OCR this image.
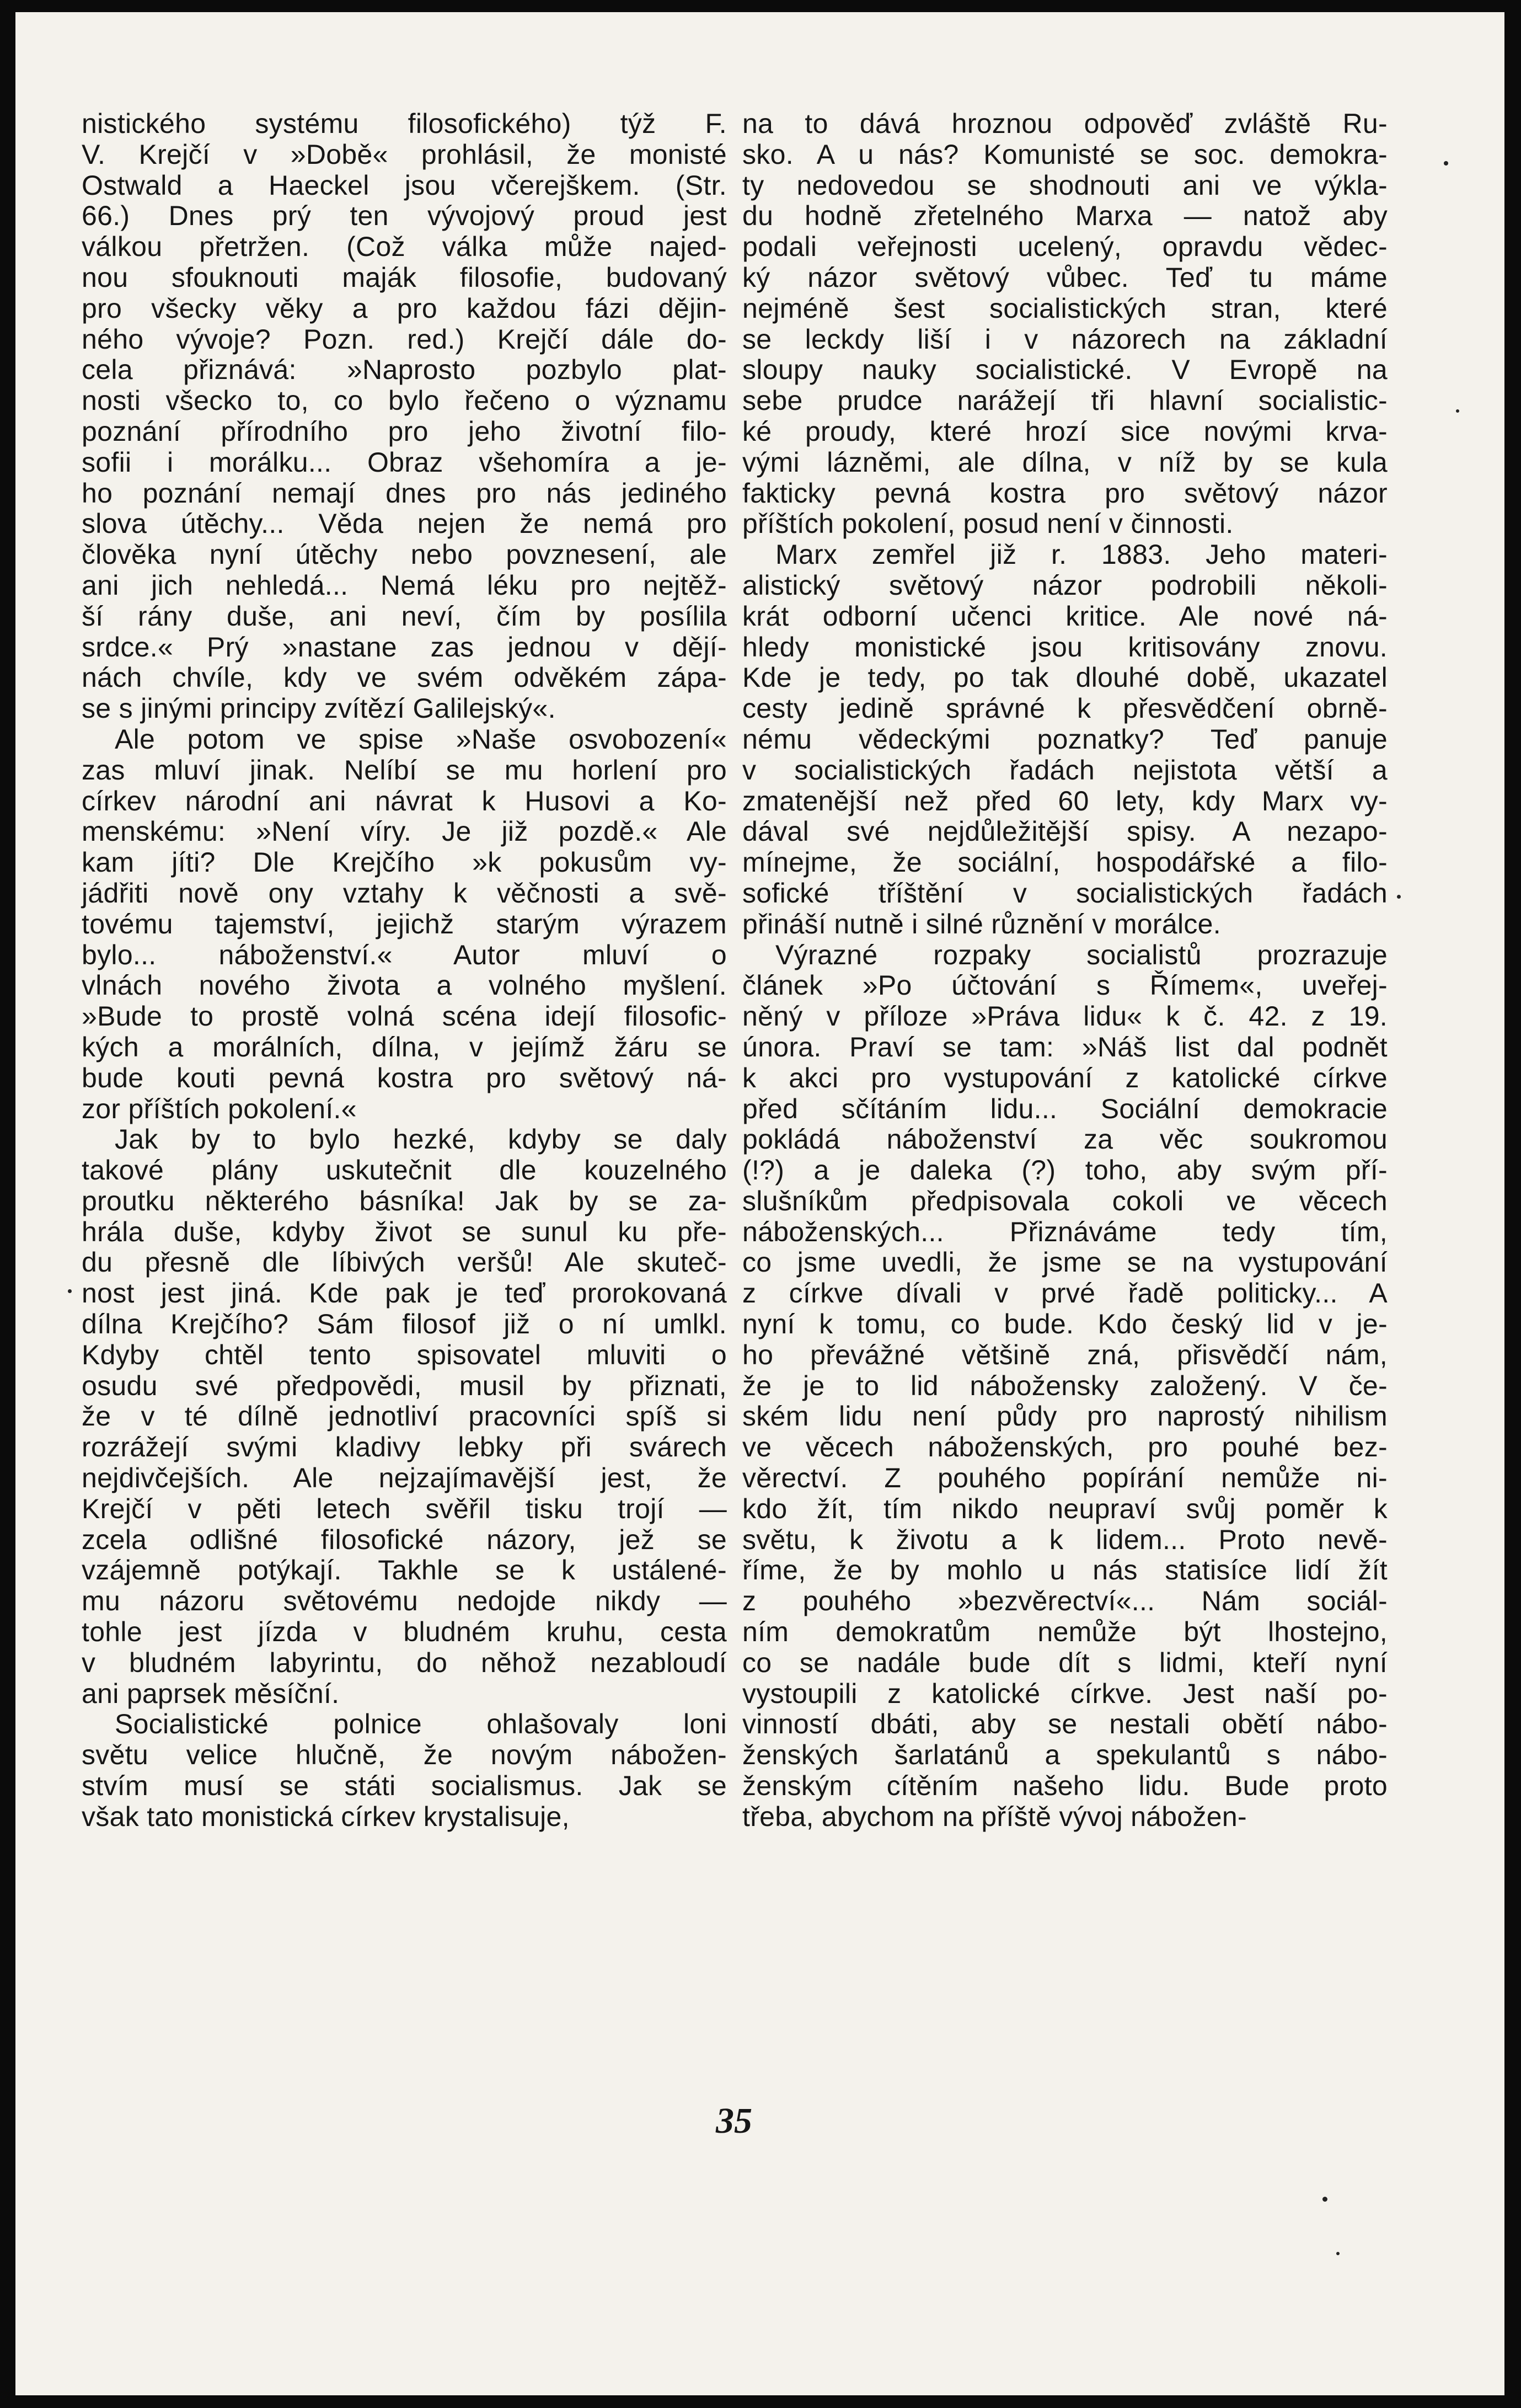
nistického systému filosofického) týž F.
V. Krejčí v »Době« prohlásil, že monisté
Ostwald a Haeckel jsou včerejškem. (Str.
66.) Dnes prý ten vývojový proud jest
válkou přetržen. (Což válka může najed-
nou sfouknouti maják filosofie, budovaný
pro všecky věky a pro každou fázi dějin-
ného vývoje? Pozn. red.) Krejčí dále do-
cela přiznává: »Naprosto pozbylo plat-
nosti všecko to, co bylo řečeno o významu
poznání přírodního pro jeho životní filo-
sofii i morálku... Obraz všehomíra a je-
ho poznání nemají dnes pro nás jediného
slova útěchy... Věda nejen že nemá pro
člověka nyní útěchy nebo povznesení, ale
ani jich nehledá... Nemá léku pro nejtěž-
ší rány duše, ani neví, čím by posílila
srdce.« Prý »nastane zas jednou v dějí-
nách chvíle, kdy ve svém odvěkém zápa-
se s jinými principy zvítězí Galilejský«.
Ale potom ve spise »Naše osvobození«
zas mluví jinak. Nelíbí se mu horlení pro
církev národní ani návrat k Husovi a Ko-
menskému: »Není víry. Je již pozdě.« Ale
kam jíti? Dle Krejčího »k pokusům vy-
jádřiti nově ony vztahy k věčnosti a svě-
tovému tajemství, jejichž starým výrazem
bylo... náboženství.« Autor mluví o
vlnách nového života a volného myšlení.
»Bude to prostě volná scéna idejí filosofic-
kých a morálních, dílna, v jejímž žáru se
bude kouti pevná kostra pro světový ná-
zor příštích pokolení.«
Jak by to bylo hezké, kdyby se daly
takové plány uskutečnit dle kouzelného
proutku některého básníka! Jak by se za-
hrála duše, kdyby život se sunul ku pře-
du přesně dle líbivých veršů! Ale skuteč-
nost jest jiná. Kde pak je teď prorokovaná
dílna Krejčího? Sám filosof již o ní umlkl.
Kdyby chtěl tento spisovatel mluviti o
osudu své předpovědi, musil by přiznati,
že v té dílně jednotliví pracovníci spíš si
rozrážejí svými kladivy lebky při svárech
nejdivčejších. Ale nejzajímavější jest, že
Krejčí v pěti letech svěřil tisku trojí —
zcela odlišné filosofické názory, jež se
vzájemně potýkají. Takhle se k ustálené-
mu názoru světovému nedojde nikdy —
tohle jest jízda v bludném kruhu, cesta
v bludném labyrintu, do něhož nezabloudí
ani paprsek měsíční.
Socialistické polnice ohlašovaly loni
světu velice hlučně, že novým nábožen-
stvím musí se státi socialismus. Jak se
však tato monistická církev krystalisuje,
na to dává hroznou odpověď zvláště Ru-
sko. A u nás? Komunisté se soc. demokra-
ty nedovedou se shodnouti ani ve výkla-
du hodně zřetelného Marxa — natož aby
podali veřejnosti ucelený, opravdu vědec-
ký názor světový vůbec. Teď tu máme
nejméně šest socialistických stran, které
se leckdy liší i v názorech na základní
sloupy nauky socialistické. V Evropě na
sebe prudce narážejí tři hlavní socialistic-
ké proudy, které hrozí sice novými krva-
vými lázněmi, ale dílna, v níž by se kula
fakticky pevná kostra pro světový názor
příštích pokolení, posud není v činnosti.
Marx zemřel již r. 1883. Jeho materi-
alistický světový názor podrobili několi-
krát odborní učenci kritice. Ale nové ná-
hledy monistické jsou kritisovány znovu.
Kde je tedy, po tak dlouhé době, ukazatel
cesty jedině správné k přesvědčení obrně-
nému vědeckými poznatky? Teď panuje
v socialistických řadách nejistota větší a
zmatenější než před 60 lety, kdy Marx vy-
dával své nejdůležitější spisy. A nezapo-
mínejme, že sociální, hospodářské a filo-
sofické tříštění v socialistických řadách
přináší nutně i silné různění v morálce.
Výrazné rozpaky socialistů prozrazuje
článek »Po účtování s Římem«, uveřej-
něný v příloze »Práva lidu« k č. 42. z 19.
února. Praví se tam: »Náš list dal podnět
k akci pro vystupování z katolické církve
před sčítáním lidu... Sociální demokracie
pokládá náboženství za věc soukromou
(!?) a je daleka (?) toho, aby svým pří-
slušníkům předpisovala cokoli ve věcech
náboženských... Přiznáváme tedy tím,
co jsme uvedli, že jsme se na vystupování
z církve dívali v prvé řadě politicky... A
nyní k tomu, co bude. Kdo český lid v je-
ho převážné většině zná, přisvědčí nám,
že je to lid nábožensky založený. V če-
ském lidu není půdy pro naprostý nihilism
ve věcech náboženských, pro pouhé bez-
věrectví. Z pouhého popírání nemůže ni-
kdo žít, tím nikdo neupraví svůj poměr k
světu, k životu a k lidem... Proto nevě-
říme, že by mohlo u nás statisíce lidí žít
z pouhého »bezvěrectví«... Nám sociál-
ním demokratům nemůže být lhostejno,
co se nadále bude dít s lidmi, kteří nyní
vystoupili z katolické církve. Jest naší po-
vinností dbáti, aby se nestali obětí nábo-
ženských šarlatánů a spekulantů s nábo-
ženským cítěním našeho lidu. Bude proto
třeba, abychom na příště vývoj nábožen-
35
